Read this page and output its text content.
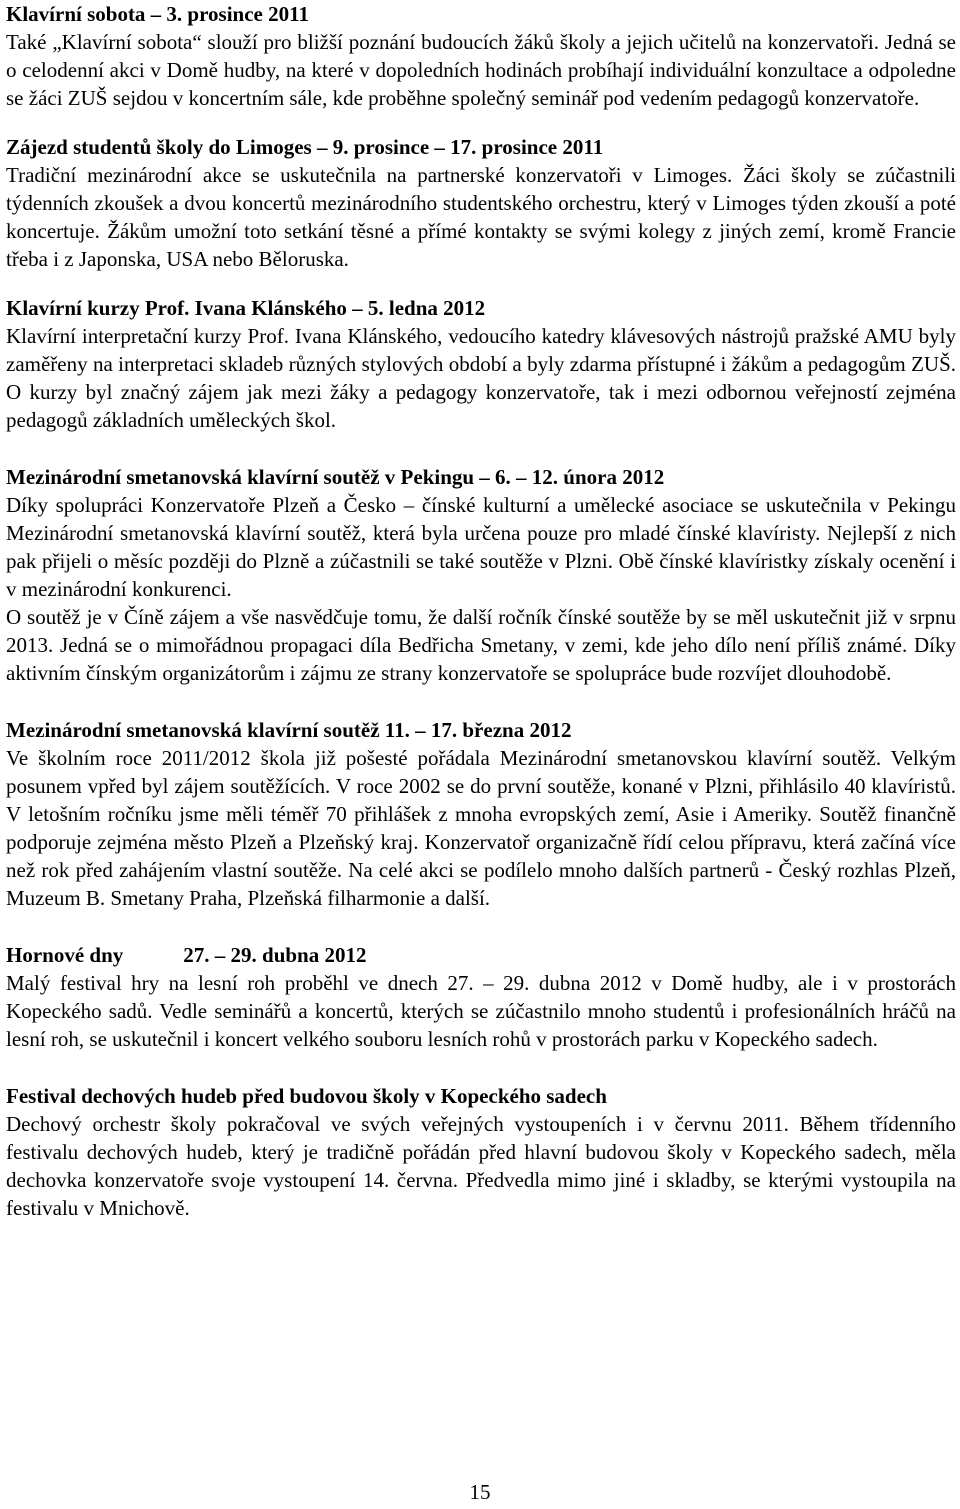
Klavírní sobota – 3. prosince 2011

Také „Klavírní sobota“ slouží pro bližší poznání budoucích žáků školy a jejich učitelů na konzervatoři. Jedná se o celodenní akci v Domě hudby, na které v dopoledních hodinách probíhají individuální konzultace a odpoledne se žáci ZUŠ sejdou v koncertním sále, kde proběhne společný seminář pod vedením pedagogů konzervatoře.

Zájezd studentů školy do Limoges – 9. prosince – 17. prosince 2011

Tradiční mezinárodní akce se uskutečnila na partnerské konzervatoři v Limoges. Žáci školy se zúčastnili týdenních zkoušek a dvou koncertů mezinárodního studentského orchestru, který v Limoges týden zkouší a poté koncertuje. Žákům umožní toto setkání těsné a přímé kontakty se svými kolegy z jiných zemí, kromě Francie třeba i z Japonska, USA nebo Běloruska.

Klavírní kurzy Prof. Ivana Klánského – 5. ledna 2012

Klavírní interpretační kurzy Prof. Ivana Klánského, vedoucího katedry klávesových nástrojů pražské AMU byly zaměřeny na interpretaci skladeb různých stylových období a byly zdarma přístupné i žákům a pedagogům ZUŠ. O kurzy byl značný zájem jak mezi žáky a pedagogy konzervatoře, tak i mezi odbornou veřejností zejména pedagogů základních uměleckých škol.

Mezinárodní smetanovská klavírní soutěž v Pekingu – 6. – 12. února 2012

Díky spolupráci Konzervatoře Plzeň a Česko – čínské kulturní a umělecké asociace se uskutečnila v Pekingu Mezinárodní smetanovská klavírní soutěž, která byla určena pouze pro mladé čínské klavíristy. Nejlepší z nich pak přijeli o měsíc později do Plzně a zúčastnili se také soutěže v Plzni. Obě čínské klavíristky získaly ocenění i v mezinárodní konkurenci.

O soutěž je v Číně zájem a vše nasvědčuje tomu, že další ročník čínské soutěže by se měl uskutečnit již v srpnu 2013. Jedná se o mimořádnou propagaci díla Bedřicha Smetany, v zemi, kde jeho dílo není příliš známé. Díky aktivním čínským organizátorům i zájmu ze strany konzervatoře se spolupráce bude rozvíjet dlouhodobě.

Mezinárodní smetanovská klavírní soutěž 11. – 17. března 2012

Ve školním roce 2011/2012 škola již pošesté pořádala Mezinárodní smetanovskou klavírní soutěž. Velkým posunem vpřed byl zájem soutěžících. V roce 2002 se do první soutěže, konané v Plzni, přihlásilo 40 klavíristů. V letošním ročníku jsme měli téměř 70 přihlášek z mnoha evropských zemí, Asie i Ameriky. Soutěž finančně podporuje zejména město Plzeň a Plzeňský kraj. Konzervatoř organizačně řídí celou přípravu, která začíná více než rok před zahájením vlastní soutěže. Na celé akci se podílelo mnoho dalších partnerů - Český rozhlas Plzeň, Muzeum B. Smetany Praha, Plzeňská filharmonie a další.

Hornové dny	27. – 29. dubna 2012

Malý festival hry na lesní roh proběhl ve dnech 27. – 29. dubna 2012 v Domě hudby, ale i v prostorách Kopeckého sadů. Vedle seminářů a koncertů, kterých se zúčastnilo mnoho studentů i profesionálních hráčů na lesní roh, se uskutečnil i koncert velkého souboru lesních rohů v prostorách parku v Kopeckého sadech.

Festival dechových hudeb před budovou školy v Kopeckého sadech

Dechový orchestr školy pokračoval ve svých veřejných vystoupeních i v červnu 2011. Během třídenního festivalu dechových hudeb, který je tradičně pořádán před hlavní budovou školy v Kopeckého sadech, měla dechovka konzervatoře svoje vystoupení 14. června. Předvedla mimo jiné i skladby, se kterými vystoupila na festivalu v Mnichově.

15
